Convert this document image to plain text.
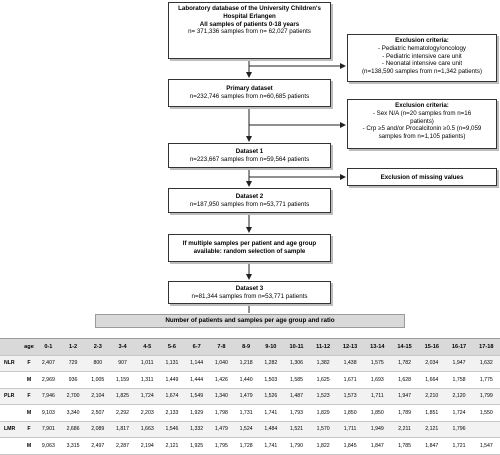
Laboratory database of the University Children's
Hospital Erlangen
All samples of patients 0-18 years
n= 371,336 samples from n= 62,027 patients
Exclusion criteria:
- Pediatric hematology/oncology
- Pediatric intensive care unit
- Neonatal intensive care unit
(n=138,590 samples from n=1,342 patients)
Primary dataset
n=232,746 samples from n=60,685 patients
Exclusion criteria:
- Sex N/A (n=20 samples from n=16
patients)
- Crp ≥5 and/or Procalcitonin ≥0.5 (n=9,059
samples from n=1,105 patients)
Dataset 1
n=223,667 samples from n=59,564 patients
Exclusion of missing values
Dataset 2
n=187,950 samples from n=53,771 patients
If multiple samples per patient and age group
available: random selection of sample
Dataset 3
n=81,344 samples from n=53,771 patients
Number of patients and samples per age group and ratio
	age	0-1	1-2	2-3	3-4	4-5	5-6	6-7	7-8	8-9	9-10	10-11	11-12	12-13	13-14	14-15	15-16	16-17	17-18
NLR	F	2,407	729	800	907	1,011	1,131	1,144	1,040	1,218	1,282	1,306	1,382	1,438	1,575	1,782	2,034	1,947	1,632
	M	2,969	936	1,005	1,159	1,311	1,449	1,444	1,426	1,440	1,503	1,585	1,625	1,671	1,693	1,628	1,664	1,758	1,775
PLR	F	7,946	2,700	2,104	1,825	1,724	1,674	1,549	1,340	1,479	1,526	1,487	1,523	1,573	1,711	1,947	2,210	2,120	1,799
	M	9,103	3,340	2,507	2,292	2,203	2,133	1,929	1,798	1,731	1,741	1,793	1,829	1,850	1,850	1,789	1,851	1,724	1,550
LMR	F	7,901	2,686	2,089	1,817	1,663	1,546	1,332	1,479	1,524	1,484	1,521	1,570	1,711	1,949	2,211	2,121	1,796	
	M	9,063	3,315	2,497	2,287	2,194	2,121	1,925	1,795	1,728	1,741	1,790	1,822	1,845	1,847	1,785	1,847	1,721	1,547
